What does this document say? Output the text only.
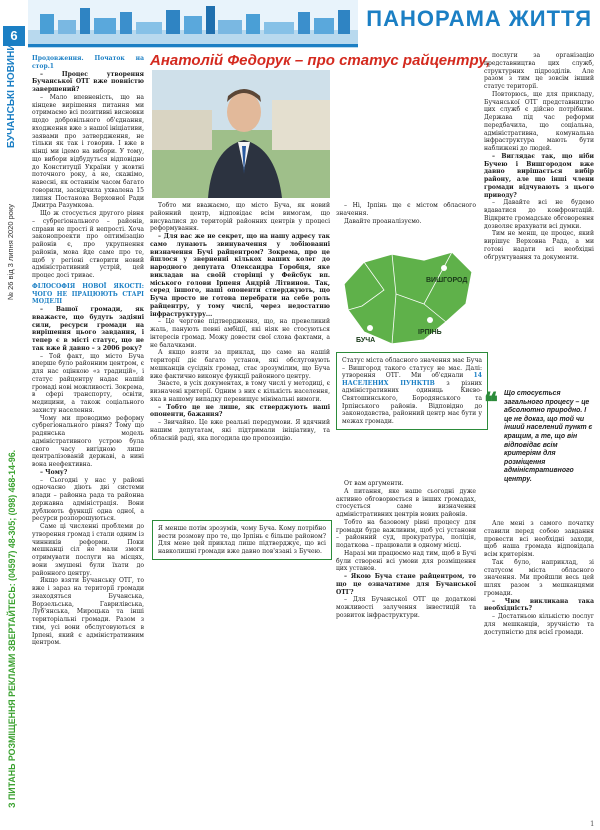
6
БУЧАНСЬКІ НОВИНИ
№ 26 від 3 липня 2020 року
З ПИТАНЬ РОЗМІЩЕННЯ РЕКЛАМИ ЗВЕРТАЙТЕСЬ: (04597) 48-305; (098) 468-14-96.
ПАНОРАМА ЖИТТЯ

Продовження. Початок на стор.1

– Процес утворення Бучанської ОТГ вже повністю завершений?

– Мало впевненість, що на кінцеве вирішення питання ми отримаємо всі позитивні висновки щодо добровільного об'єднання, входження вже з нашої ініціативи, заявами про затвердження, не тільки як так і говорив. І вже в кінці ми ідемо на вибори. У тому, що вибори відбудуться відповідно до Конституції України у жовтні поточного року, а не, скажімо, навесні, як останнім часом багато говорили, засвідчила ухвалена 15 липня Постанова Верховної Ради Дмитра Разумкова.

Що ж стосується другого рівня – субрегіонального – районів, справи не прості й непрості. Хоча законопроекти про оптимізацію районів є, про укрупнення районів, мова йде саме про те, щоб у регіоні створити новий адміністративний устрій, цей процес досі триває.

ФІЛОСОФІЯ НОВОЇ ЯКОСТІ: ЧОГО НЕ ПРАЦЮЮТЬ СТАРІ МОДЕЛІ

– Вашої громади, як вважаєте, що будуть задіяні сили, ресурси громади на вирішення цього завдання, і тепер є в місті статус, що не так вже й давно – з 2006 року?

– Той факт, що місто Буча вперше було районним центром, є для нас оцінкою «з традицій», і статус райцентру надає нашій громаді нові можливості. Зокрема, в сфері транспорту, освіти, медицини, а також соціального захисту населення.

Чому ми проводимо реформу субрегіонального рівня? Тому що радянська модель адміністративного устрою була свого часу вигідною лише централізованій державі, а нині вона неефективна.

– Чому?

– Сьогодні у нас у районі одночасно діють дві системи влади – районна рада та районна державна адміністрація. Вони дублюють функції одна одної, а ресурси розпорошуються.

Саме ці численні проблеми до утворення громад і стали одним із чинників реформи. Поки мешканці сіл не мали змоги отримувати послуги на місцях, вони змушені були їхати до районного центру.

Якщо взяти Бучанську ОТГ, то вже і зараз на території громади знаходяться Бучанська, Ворзельська, Гаврилівська, Луб'янська, Мироцька та інші територіальні громади. Разом з тим, усі вони обслуговуються в Ірпені, який є адміністративним центром.

Анатолій Федорук – про статус райцентру,

Тобто ми вважаємо, що місто Буча, як новий районний центр, відповідає всім вимогам, що висувалися до територій районних центрів у процесі реформування.

– Для вас же не секрет, що на нашу адресу так само лунають звинувачення у лобіюванні визначення Бучі райцентром? Зокрема, про це йшлося у зверненні кількох ваших колег до народного депутата Олександра Горобця, яке викладав на своїй сторінці у Фейсбук вп. міського голови Ірпеня Андрій Літвинов. Так, серед іншого, наші опоненти стверджують, що Буча просто не готова перебрати на себе роль райцентру, у тому числі, через недостатню інфраструктуру...

– Це чергове підтвердження, що, на превеликий жаль, панують певні амбіції, які ніяк не стосуються інтересів громад. Можу довести свої слова фактами, а не балачками.

А якщо взяти за приклад, що саме на нашій території діє багато установ, які обслуговують мешканців сусідніх громад, стає зрозумілим, що Буча вже фактично виконує функції районного центру.

Знаєте, в усіх документах, в тому числі у методиці, є визначені критерії. Одним з них є кількість населення, яка в нашому випадку перевищує мінімальні вимоги.

– Тобто це не лише, як стверджують наші опоненти, бажання?

– Звичайно. Це вже реальні передумови. Я вдячний нашим депутатам, які підтримали ініціативу, та обласній раді, яка погодила цю пропозицію.

Я менше потім зрозумів, чому Буча. Кому потрібно вести розмову про те, що Ірпінь є більше районом? Для мене цей приклад лише підтверджує, що всі навколишні громади вже давно пов'язані з Бучею.

– Ні, Ірпінь ще є містом обласного значення.

Давайте проаналізуємо.

БУЧА
ІРПІНЬ
ВИШГОРОД

Статус міста обласного значення має Буча – Вишгород такого статусу не має. Далі: утворення ОТГ. Ми об'єднали 14 НАСЕЛЕНИХ ПУНКТІВ з різних адміністративних одиниць Києво-Святошинського, Бородянського та Ірпінського районів. Відповідно до законодавства, районний центр має бути у межах громади.

От вам аргументи.

А питання, яке наше сьогодні дуже активно обговорюється в інших громадах, стосується саме визначення адміністративних центрів нових районів.

Тобто на базовому рівні процесу для громади буде важливим, щоб усі установи – районний суд, прокуратура, поліція, податкова – працювали в одному місці.

Наразі ми працюємо над тим, щоб в Бучі були створені всі умови для розміщення цих установ.

– Якою Буча стане райцентром, то що це означатиме для Бучанської ОТГ?

– Для Бучанської ОТГ це додаткові можливості залучення інвестицій та розвиток інфраструктури.

послуги за організацію представництва цих служб, структурних підрозділів. Але разом з тим це зовсім інший статус території.

Повторюсь, ще для прикладу, Бучанської ОТГ представництво цих служб є дійсно потрібним. Держава під час реформи передбачила, що соціальна, адміністративна, комунальна інфраструктура мають бути наближені до людей.

– Виглядає так, що ніби Бучею і Вишгородом вже давно вирішається вибір району, але що інші члени громади відчувають з цього приводу?

– Давайте всі не будемо вдаватися до конфронтацій. Відкрите громадське обговорення дозволяє врахувати всі думки.

Тим не менш, це процес, який вирішує Верховна Рада, а ми готові надати всі необхідні обґрунтування та документи.

❝ Що стосується загального процесу – це абсолютно природно. І це не доказ, що той чи інший населений пункт є кращим, а те, що він відповідає всім критеріям для розміщення адміністративного центру.

Але мені з самого початку ставили перед собою завдання провести всі необхідні заходи, щоб наша громада відповідала всім критеріям.

Так було, наприклад, зі статусом міста обласного значення. Ми пройшли весь цей шлях разом з мешканцями громади.

– Чим викликана така необхідність?

– Достатньою кількістю послуг для мешканців, зручністю та доступністю для всієї громади.

1
